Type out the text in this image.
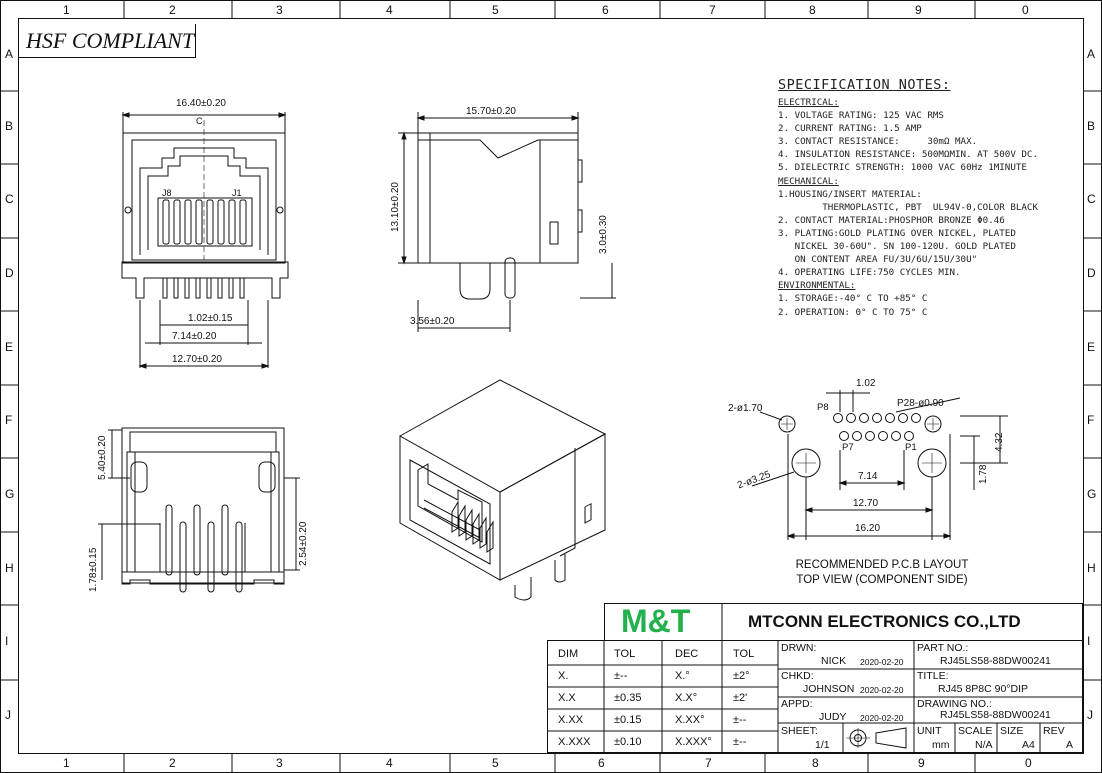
1	2	3	4	5	6	7	8	9	0
1	2	3	4	5	6	7	8	9	0
A
B
C
D
E
F
G
H
I
J
A
B
C
D
E
F
G
H
I
J
HSF COMPLIANT
16.40±0.20
C
J8	J1
1.02±0.15
7.14±0.20
12.70±0.20
15.70±0.20
13.10±0.20
3.0±0.30
3.56±0.20
5.40±0.20
1.78±0.15
2.54±0.20
SPECIFICATION NOTES:
ELECTRICAL:
1. VOLTAGE RATING: 125 VAC RMS
2. CURRENT RATING: 1.5 AMP
3. CONTACT RESISTANCE:     30mΩ MAX.
4. INSULATION RESISTANCE: 500MΩMIN. AT 500V DC.
5. DIELECTRIC STRENGTH: 1000 VAC 60Hz 1MINUTE
MECHANICAL:
1.HOUSING/INSERT MATERIAL:
THERMOPLASTIC, PBT  UL94V-0,COLOR BLACK
2. CONTACT MATERIAL:PHOSPHOR BRONZE Φ0.46
3. PLATING:GOLD PLATING OVER NICKEL, PLATED
NICKEL 30-60U". SN 100-120U. GOLD PLATED
ON CONTENT AREA FU/3U/6U/15U/30U"
4. OPERATING LIFE:750 CYCLES MIN.
ENVIRONMENTAL:
1. STORAGE:-40° C TO +85° C
2. OPERATION: 0° C TO 75° C
1.02
2-ø1.70	P28-ø0.90
2-ø3.25
4.32
1.78
7.14
12.70
16.20
P8
P7	P1
RECOMMENDED P.C.B LAYOUT
TOP VIEW (COMPONENT SIDE)
M&T	MTCONN ELECTRONICS CO.,LTD
DIM	TOL	DEC	TOL
X.	±--	X.°	±2°
X.X	±0.35	X.X°	±2'
X.XX	±0.15	X.XX°	±--
X.XXX ±0.10	X.XXX° ±--
DRWN:
NICK 2020-02-20
CHKD:
JOHNSON 2020-02-20
APPD:
JUDY 2020-02-20
SHEET:
1/1
PART NO.:
RJ45LS58-88DW00241
TITLE:
RJ45 8P8C 90°DIP
DRAWING NO.:
RJ45LS58-88DW00241
UNIT
mm
SCALE
N/A
SIZE
A4
REV
A
